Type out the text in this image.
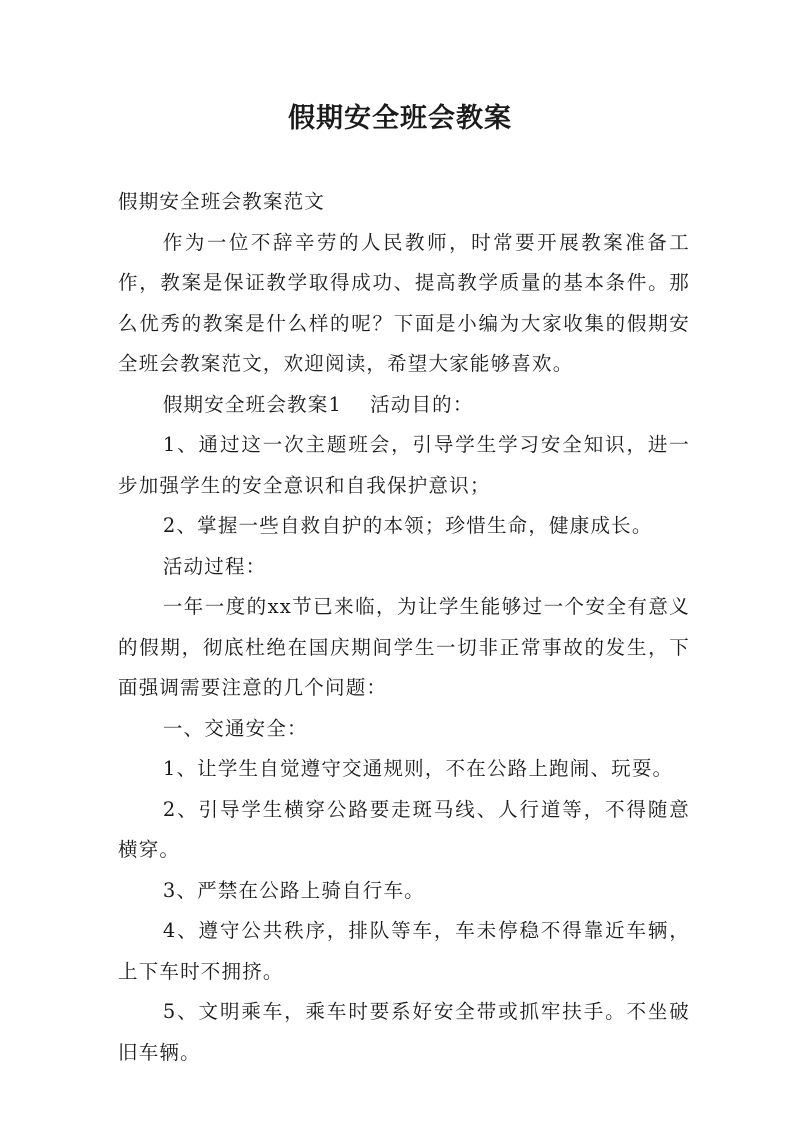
假期安全班会教案

假期安全班会教案范文

作为一位不辞辛劳的人民教师，时常要开展教案准备工作，教案是保证教学取得成功、提高教学质量的基本条件。那么优秀的教案是什么样的呢？下面是小编为大家收集的假期安全班会教案范文，欢迎阅读，希望大家能够喜欢。

假期安全班会教案1 活动目的：

1、通过这一次主题班会，引导学生学习安全知识，进一步加强学生的安全意识和自我保护意识；

2、掌握一些自救自护的本领；珍惜生命，健康成长。

活动过程：

一年一度的xx节已来临，为让学生能够过一个安全有意义的假期，彻底杜绝在国庆期间学生一切非正常事故的发生，下面强调需要注意的几个问题：

一、交通安全：

1、让学生自觉遵守交通规则，不在公路上跑闹、玩耍。

2、引导学生横穿公路要走斑马线、人行道等，不得随意横穿。

3、严禁在公路上骑自行车。

4、遵守公共秩序，排队等车，车未停稳不得靠近车辆，上下车时不拥挤。

5、文明乘车，乘车时要系好安全带或抓牢扶手。不坐破旧车辆。
